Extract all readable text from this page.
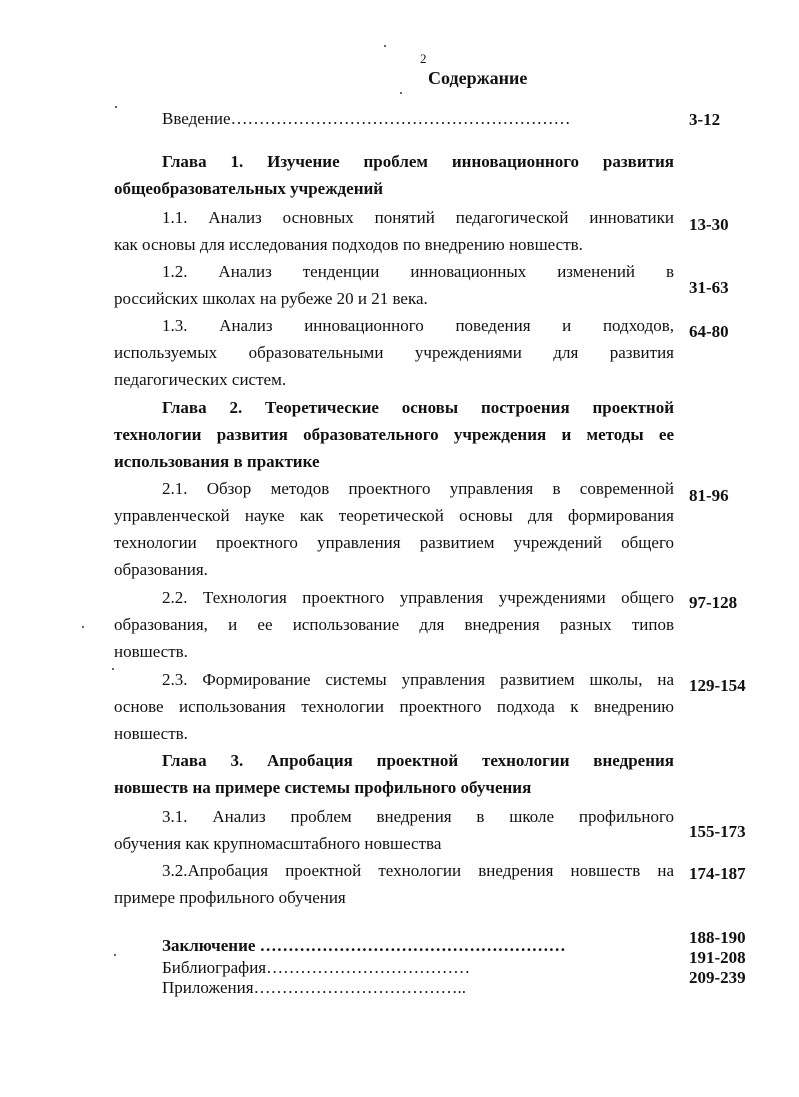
2
Содержание
Введение……………………………………………………	3-12
Глава 1. Изучение проблем инновационного развития
общеобразовательных учреждений
1.1. Анализ основных понятий педагогической инноватики
как основы для исследования подходов по внедрению новшеств.
13-30
1.2. Анализ тенденции инновационных изменений в
российских школах на рубеже 20 и 21 века.
31-63
1.3. Анализ инновационного поведения и подходов,
используемых образовательными учреждениями для развития
педагогических систем.
64-80
Глава 2. Теоретические основы построения проектной
технологии развития образовательного учреждения и методы ее
использования в практике
2.1. Обзор методов проектного управления в современной
управленческой науке как теоретической основы для формирования
технологии проектного управления развитием учреждений общего
образования.
81-96
2.2. Технология проектного управления учреждениями общего
образования, и ее использование для внедрения разных типов
новшеств.
97-128
2.3. Формирование системы управления развитием школы, на
основе использования технологии проектного подхода к внедрению
новшеств.
129-154
Глава 3. Апробация проектной технологии внедрения
новшеств на примере системы профильного обучения
3.1. Анализ проблем внедрения в школе профильного
обучения как крупномасштабного новшества
155-173
3.2.Апробация проектной технологии внедрения новшеств на
примере профильного обучения
174-187
Заключение ………………………………………………	188-190
Библиография………………………………
191-208
Приложения………………………………..
209-239
